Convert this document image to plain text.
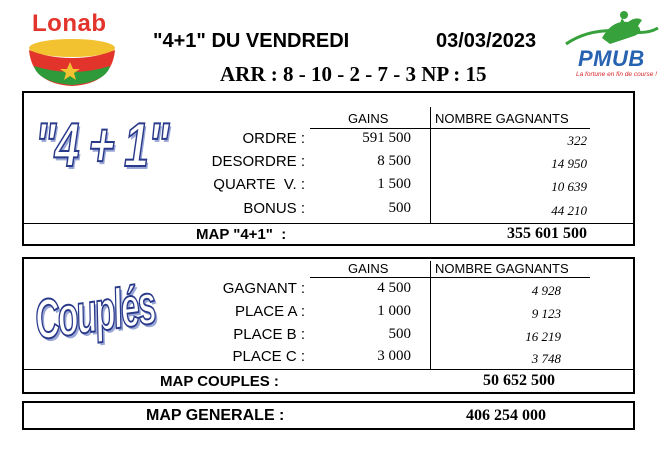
Lonab
"4+1" DU VENDREDI	03/03/2023
ARR : 8 - 10 - 2 - 7 - 3 NP : 15
PMUB
La fortune en fin de course !
"4 + 1"	GAINS	NOMBRE GAGNANTS
ORDRE :	591 500	322
DESORDRE :	8 500	14 950
QUARTE  V. :	1 500	10 639
BONUS :	500	44 210
MAP "4+1"  :	355 601 500
Couplés
GAINS	NOMBRE GAGNANTS
GAGNANT :	4 500	4 928
PLACE A :	1 000	9 123
PLACE B :	500	16 219
PLACE C :	3 000	3 748
MAP COUPLES :	50 652 500
MAP GENERALE :	406 254 000
